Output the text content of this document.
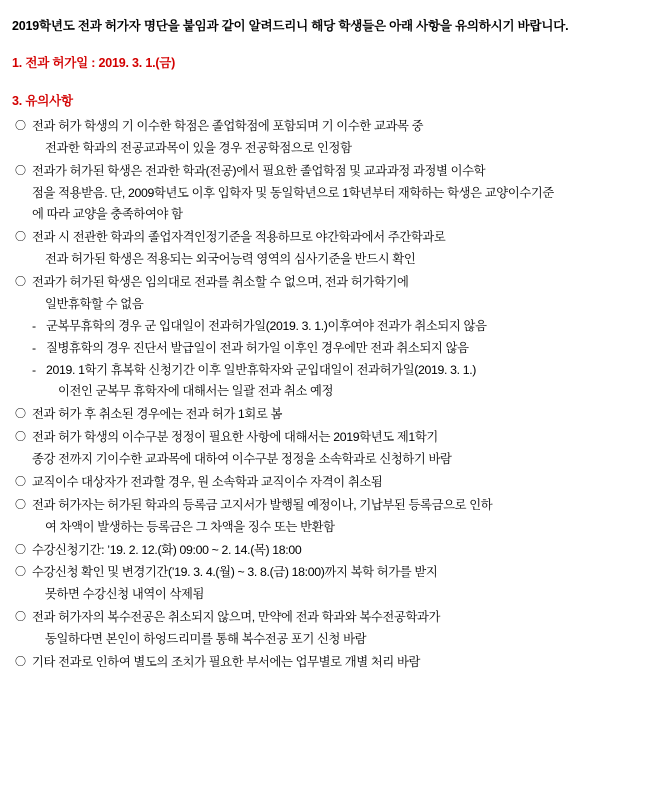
2019학년도 전과 허가자 명단을 붙임과 같이 알려드리니 해당 학생들은 아래 사항을 유의하시기 바랍니다.

1. 전과 허가일 : 2019. 3. 1.(금)

3. 유의사항

〇 전과 허가 학생의 기 이수한 학점은 졸업학점에 포함되며 기 이수한 교과목 중
전과한 학과의 전공교과목이 있을 경우 전공학점으로 인정함
〇 전과가 허가된 학생은 전과한 학과(전공)에서 필요한 졸업학점 및 교과과정 과정별 이수학
점을 적용받음. 단, 2009학년도 이후 입학자 및 동일학년으로 1학년부터 재학하는 학생은 교양이수기준
에 따라 교양을 충족하여야 함
〇 전과 시 전관한 학과의 졸업자격인정기준을 적용하므로 야간학과에서 주간학과로
전과 허가된 학생은 적용되는 외국어능력 영역의 심사기준을 반드시 확인
〇 전과가 허가된 학생은 임의대로 전과를 취소할 수 없으며, 전과 허가학기에
일반휴학할 수 없음
- 군복무휴학의 경우 군 입대일이 전과허가일(2019. 3. 1.)이후여야 전과가 취소되지 않음
- 질병휴학의 경우 진단서 발급일이 전과 허가일 이후인 경우에만 전과 취소되지 않음
- 2019. 1학기 휴복학 신청기간 이후 일반휴학자와 군입대일이 전과허가일(2019. 3. 1.)
이전인 군복무 휴학자에 대해서는 일괄 전과 취소 예정
〇 전과 허가 후 취소된 경우에는 전과 허가 1회로 봄
〇 전과 허가 학생의 이수구분 정정이 필요한 사항에 대해서는 2019학년도 제1학기
종강 전까지 기이수한 교과목에 대하여 이수구분 정정을 소속학과로 신청하기 바람
〇 교직이수 대상자가 전과할 경우, 원 소속학과 교직이수 자격이 취소됨
〇 전과 허가자는 허가된 학과의 등록금 고지서가 발행될 예정이나, 기납부된 등록금으로 인하
여 차액이 발생하는 등록금은 그 차액을 징수 또는 반환함
〇 수강신청기간: ’19. 2. 12.(화) 09:00 ~ 2. 14.(목) 18:00
〇 수강신청 확인 및 변경기간(’19. 3. 4.(월) ~ 3. 8.(금) 18:00)까지 복학 허가를 받지
못하면 수강신청 내역이 삭제됨
〇 전과 허가자의 복수전공은 취소되지 않으며, 만약에 전과 학과와 복수전공학과가
동일하다면 본인이 하엉드리미를 통해 복수전공 포기 신청 바람
〇 기타 전과로 인하여 별도의 조치가 필요한 부서에는 업무별로 개별 처리 바람
